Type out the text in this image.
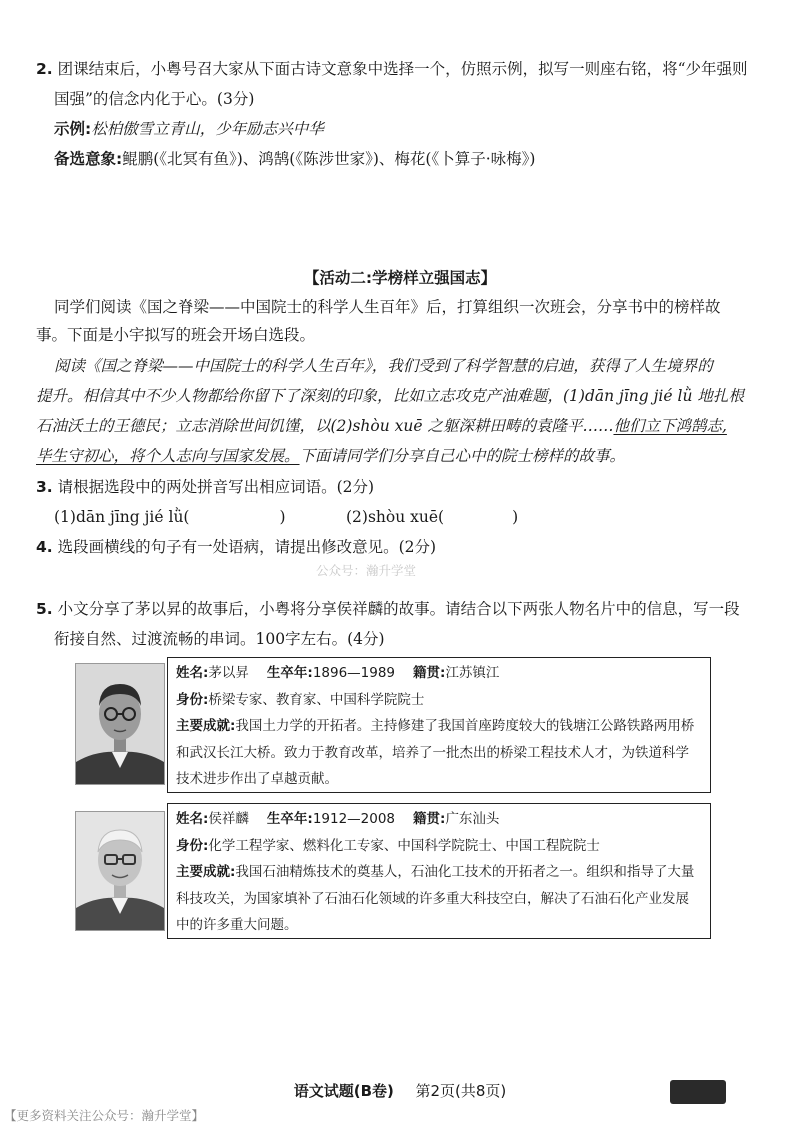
2. 团课结束后，小粤号召大家从下面古诗文意象中选择一个，仿照示例，拟写一则座右铭，将“少年强则
国强”的信念内化于心。(3分)
示例:松柏傲雪立青山，少年励志兴中华
备选意象:鲲鹏(《北冥有鱼》)、鸿鹄(《陈涉世家》)、梅花(《卜算子·咏梅》)
【活动二:学榜样立强国志】
同学们阅读《国之脊梁——中国院士的科学人生百年》后，打算组织一次班会，分享书中的榜样故
事。下面是小宇拟写的班会开场白选段。
阅读《国之脊梁——中国院士的科学人生百年》，我们受到了科学智慧的启迪，获得了人生境界的
提升。相信其中不少人物都给你留下了深刻的印象，比如立志攻克产油难题，(1)dān jīng jié lǜ 地扎根
石油沃土的王德民；立志消除世间饥馑，以(2)shòu xuē 之躯深耕田畴的袁隆平……他们立下鸿鹄志,
毕生守初心，将个人志向与国家发展。下面请同学们分享自己心中的院士榜样的故事。
3. 请根据选段中的两处拼音写出相应词语。(2分)
(1)dān jīng jié lǜ(	)	(2)shòu xuē(	)
4. 选段画横线的句子有一处语病，请提出修改意见。(2分)
公众号：瀚升学堂
5. 小文分享了茅以昇的故事后，小粤将分享侯祥麟的故事。请结合以下两张人物名片中的信息，写一段
衔接自然、过渡流畅的串词。100字左右。(4分)
姓名:茅以昇 生卒年:1896—1989 籍贯:江苏镇江
身份:桥梁专家、教育家、中国科学院院士
主要成就:我国土力学的开拓者。主持修建了我国首座跨度较大的钱塘江公路铁路两用桥和武汉长江大桥。致力于教育改革，培养了一批杰出的桥梁工程技术人才，为铁道科学技术进步作出了卓越贡献。
姓名:侯祥麟 生卒年:1912—2008 籍贯:广东汕头
身份:化学工程学家、燃料化工专家、中国科学院院士、中国工程院院士
主要成就:我国石油精炼技术的奠基人，石油化工技术的开拓者之一。组织和指导了大量科技攻关，为国家填补了石油石化领域的许多重大科技空白，解决了石油石化产业发展中的许多重大问题。
语文试题(B卷) 第2页(共8页)
【更多资料关注公众号：瀚升学堂】
